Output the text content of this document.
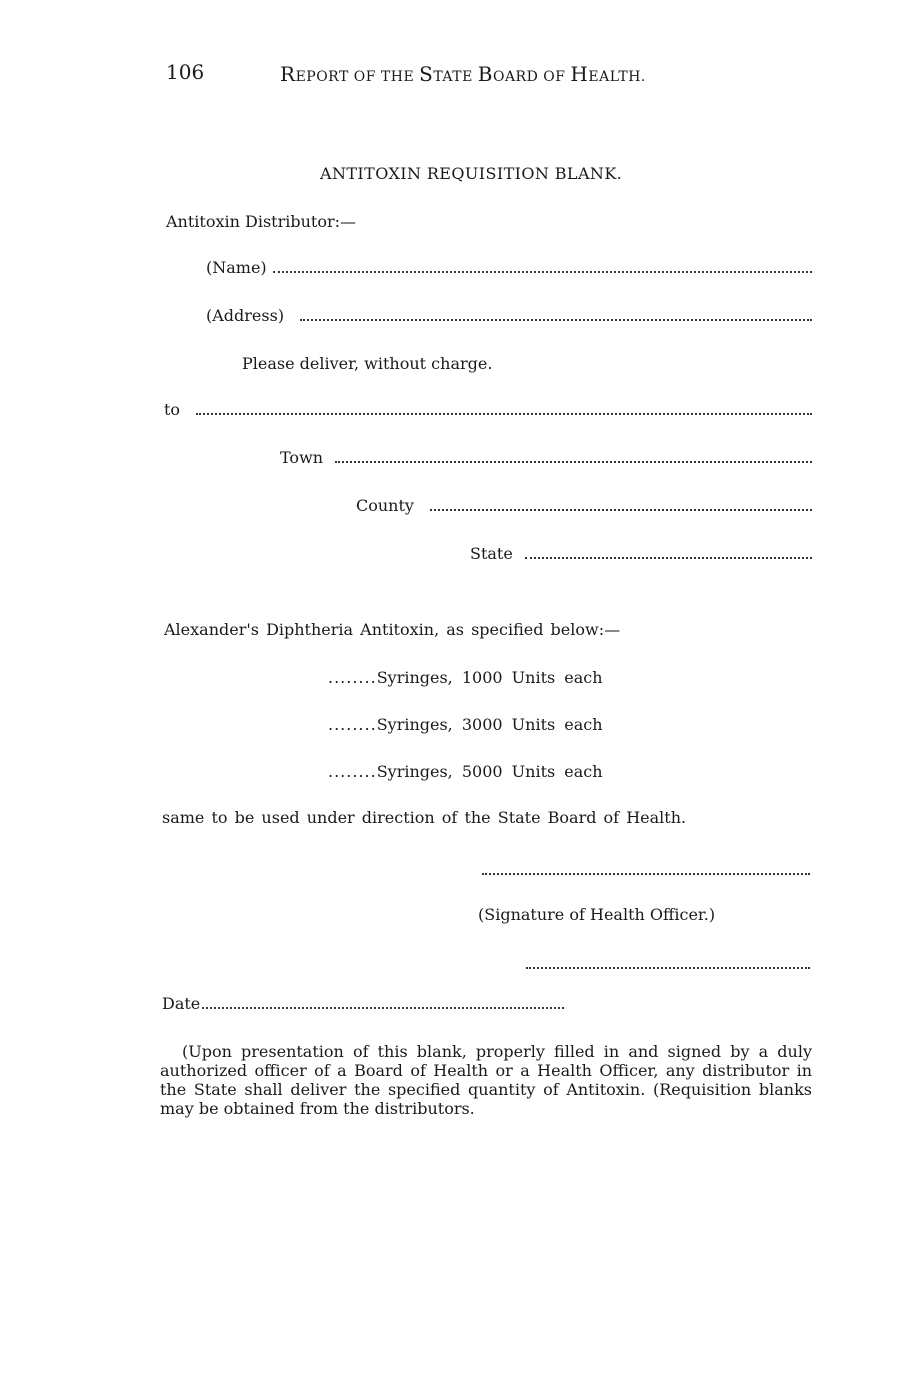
106	REPORT OF THE STATE BOARD OF HEALTH.
ANTITOXIN REQUISITION BLANK.
Antitoxin Distributor:—
(Name)
(Address)
Please deliver, without charge.
to
Town
County
State
Alexander's Diphtheria Antitoxin, as specified below:—
........Syringes, 1000 Units each
........Syringes, 3000 Units each
........Syringes, 5000 Units each
same to be used under direction of the State Board of Health.
(Signature of Health Officer.)
Date

(Upon presentation of this blank, properly filled in and signed by a duly authorized officer of a Board of Health or a Health Officer, any distributor in the State shall deliver the specified quantity of Antitoxin. (Requisition blanks may be obtained from the distributors.
